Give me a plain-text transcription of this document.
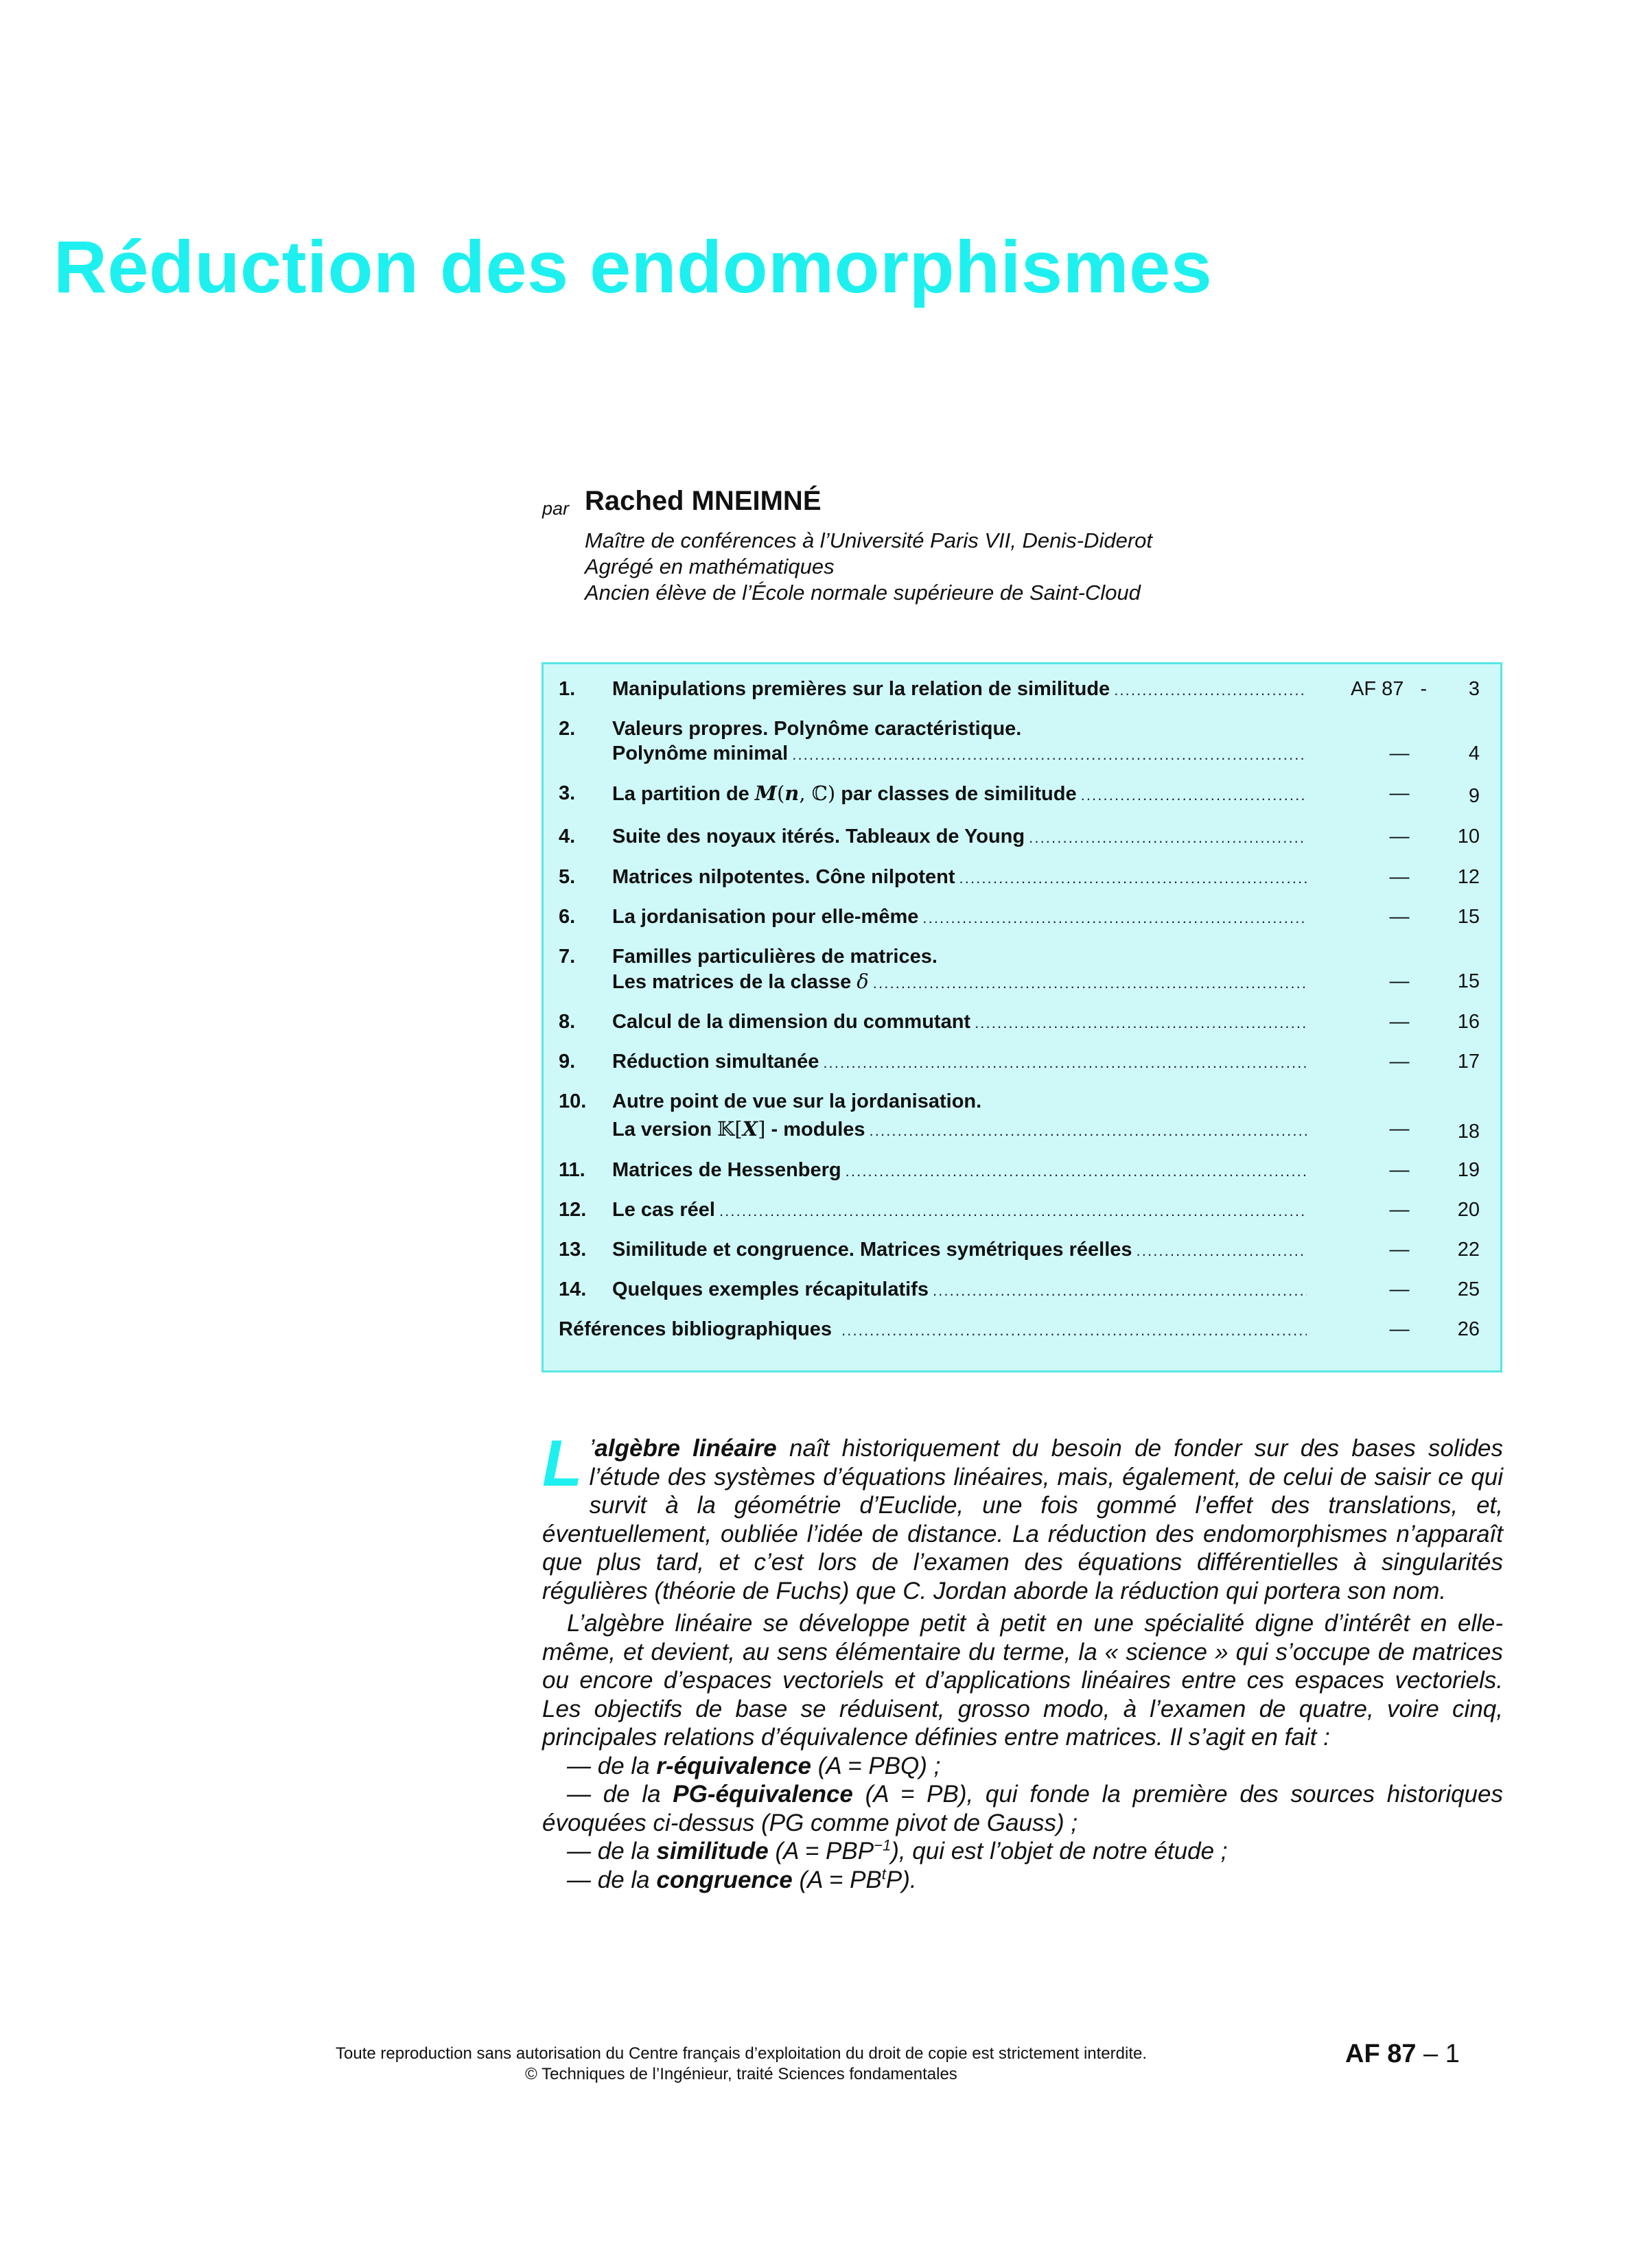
Réduction des endomorphismes
par Rached MNEIMNÉ
Maître de conférences à l’Université Paris VII, Denis-Diderot
Agrégé en mathématiques
Ancien élève de l’École normale supérieure de Saint-Cloud
1. Manipulations premières sur la relation de similitude . . .	AF 87 -	3
2. Valeurs propres. Polynôme caractéristique.
Polynôme minimal . . .	—	4
3. La partition de M(n, ℂ) par classes de similitude . . .	—	9
4. Suite des noyaux itérés. Tableaux de Young . . .	—	10
5. Matrices nilpotentes. Cône nilpotent . . .	—	12
6. La jordanisation pour elle-même . . .	—	15
7. Familles particulières de matrices.
Les matrices de la classe δ . . .	—	15
8. Calcul de la dimension du commutant . . .	—	16
9. Réduction simultanée . . .	—	17
10. Autre point de vue sur la jordanisation.
La version 𝕂[X] - modules . . .	—	18
11. Matrices de Hessenberg . . .	—	19
12. Le cas réel . . .	—	20
13. Similitude et congruence. Matrices symétriques réelles . . .	—	22
14. Quelques exemples récapitulatifs . . .	—	25
Références bibliographiques . . .	—	26

L ’algèbre linéaire naît historiquement du besoin de fonder sur des bases solides l’étude des systèmes d’équations linéaires, mais, également, de celui de saisir ce qui survit à la géométrie d’Euclide, une fois gommé l’effet des translations, et, éventuellement, oubliée l’idée de distance. La réduction des endomorphismes n’apparaît que plus tard, et c’est lors de l’examen des équations différentielles à singularités régulières (théorie de Fuchs) que C. Jordan aborde la réduction qui portera son nom.

L’algèbre linéaire se développe petit à petit en une spécialité digne d’intérêt en elle-même, et devient, au sens élémentaire du terme, la « science » qui s’occupe de matrices ou encore d’espaces vectoriels et d’applications linéaires entre ces espaces vectoriels. Les objectifs de base se réduisent, grosso modo, à l’examen de quatre, voire cinq, principales relations d’équivalence définies entre matrices. Il s’agit en fait :

— de la r-équivalence (A = PBQ) ;

— de la PG-équivalence (A = PB), qui fonde la première des sources historiques évoquées ci-dessus (PG comme pivot de Gauss) ;

— de la similitude $(A = PBP^{-1})$, qui est l’objet de notre étude ;

— de la congruence $(A = PB^tP)$.

Toute reproduction sans autorisation du Centre français d’exploitation du droit de copie est strictement interdite.
© Techniques de l’Ingénieur, traité Sciences fondamentales
AF 87 – 1
